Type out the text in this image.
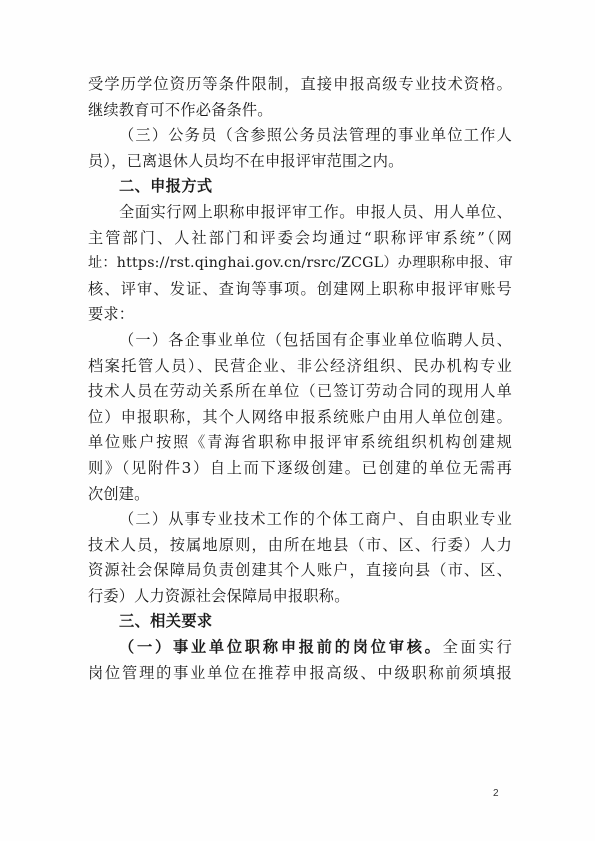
受学历学位资历等条件限制，直接申报高级专业技术资格。
继续教育可不作必备条件。
（三）公务员（含参照公务员法管理的事业单位工作人
员），已离退休人员均不在申报评审范围之内。
二、申报方式
全面实行网上职称申报评审工作。申报人员、用人单位、
主管部门、人社部门和评委会均通过“职称评审系统”（网
址：https://rst.qinghai.gov.cn/rsrc/ZCGL）办理职称申报、审
核、评审、发证、查询等事项。创建网上职称申报评审账号
要求：
（一）各企事业单位（包括国有企事业单位临聘人员、
档案托管人员）、民营企业、非公经济组织、民办机构专业
技术人员在劳动关系所在单位（已签订劳动合同的现用人单
位）申报职称，其个人网络申报系统账户由用人单位创建。
单位账户按照《青海省职称申报评审系统组织机构创建规
则》（见附件3）自上而下逐级创建。已创建的单位无需再
次创建。
（二）从事专业技术工作的个体工商户、自由职业专业
技术人员，按属地原则，由所在地县（市、区、行委）人力
资源社会保障局负责创建其个人账户，直接向县（市、区、
行委）人力资源社会保障局申报职称。
三、相关要求
（一）事业单位职称申报前的岗位审核。全面实行
岗位管理的事业单位在推荐申报高级、中级职称前须填报
2
